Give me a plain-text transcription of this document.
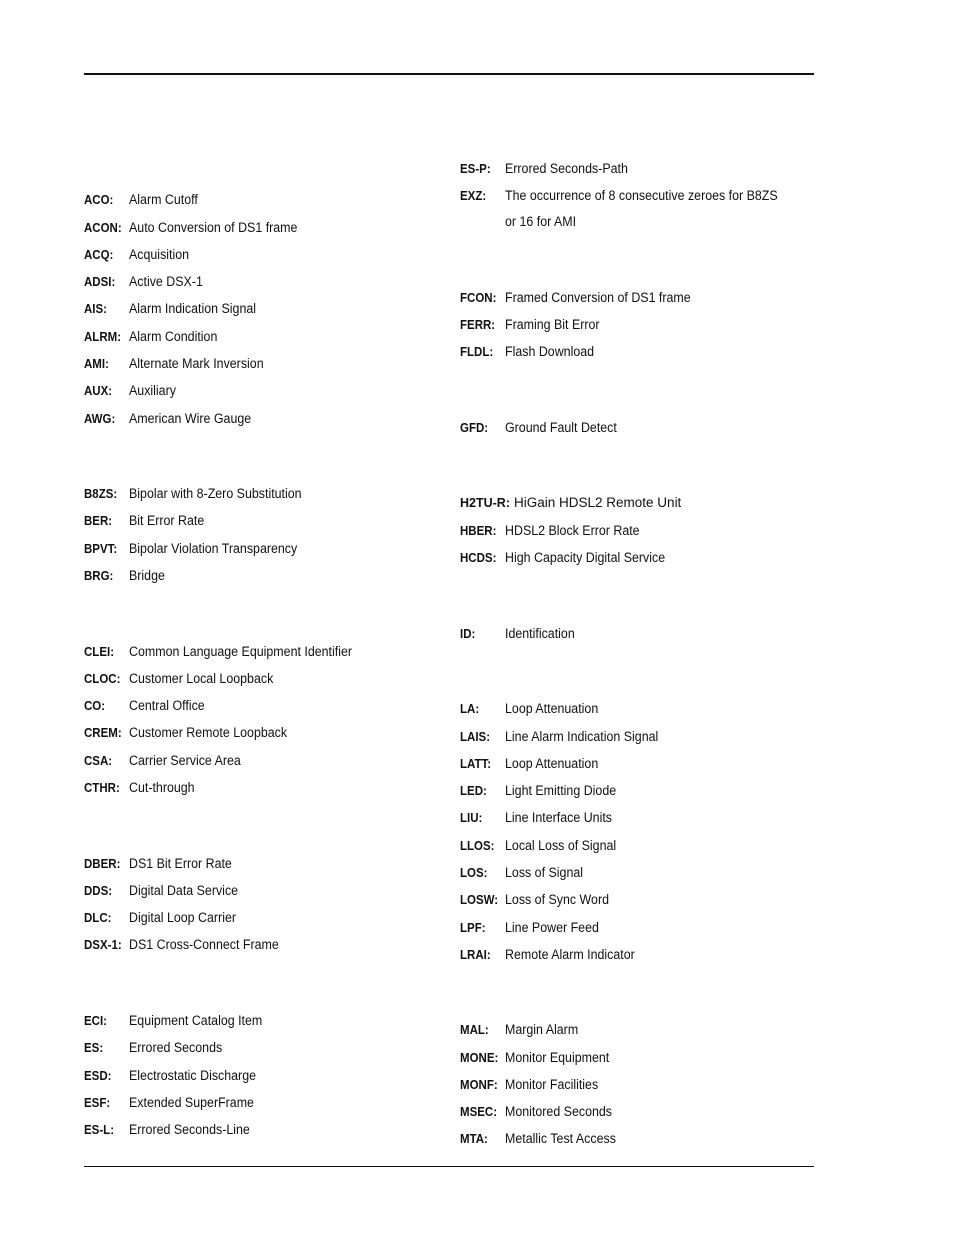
ACO: Alarm Cutoff
ACON: Auto Conversion of DS1 frame
ACQ: Acquisition
ADSI: Active DSX-1
AIS: Alarm Indication Signal
ALRM: Alarm Condition
AMI: Alternate Mark Inversion
AUX: Auxiliary
AWG: American Wire Gauge
B8ZS: Bipolar with 8-Zero Substitution
BER: Bit Error Rate
BPVT: Bipolar Violation Transparency
BRG: Bridge
CLEI: Common Language Equipment Identifier
CLOC: Customer Local Loopback
CO: Central Office
CREM: Customer Remote Loopback
CSA: Carrier Service Area
CTHR: Cut-through
DBER: DS1 Bit Error Rate
DDS: Digital Data Service
DLC: Digital Loop Carrier
DSX-1: DS1 Cross-Connect Frame
ECI: Equipment Catalog Item
ES: Errored Seconds
ESD: Electrostatic Discharge
ESF: Extended SuperFrame
ES-L: Errored Seconds-Line
ES-P: Errored Seconds-Path
EXZ: The occurrence of 8 consecutive zeroes for B8ZS or 16 for AMI
FCON: Framed Conversion of DS1 frame
FERR: Framing Bit Error
FLDL: Flash Download
GFD: Ground Fault Detect
H2TU-R: HiGain HDSL2 Remote Unit
HBER: HDSL2 Block Error Rate
HCDS: High Capacity Digital Service
ID: Identification
LA: Loop Attenuation
LAIS: Line Alarm Indication Signal
LATT: Loop Attenuation
LED: Light Emitting Diode
LIU: Line Interface Units
LLOS: Local Loss of Signal
LOS: Loss of Signal
LOSW: Loss of Sync Word
LPF: Line Power Feed
LRAI: Remote Alarm Indicator
MAL: Margin Alarm
MONE: Monitor Equipment
MONF: Monitor Facilities
MSEC: Monitored Seconds
MTA: Metallic Test Access
